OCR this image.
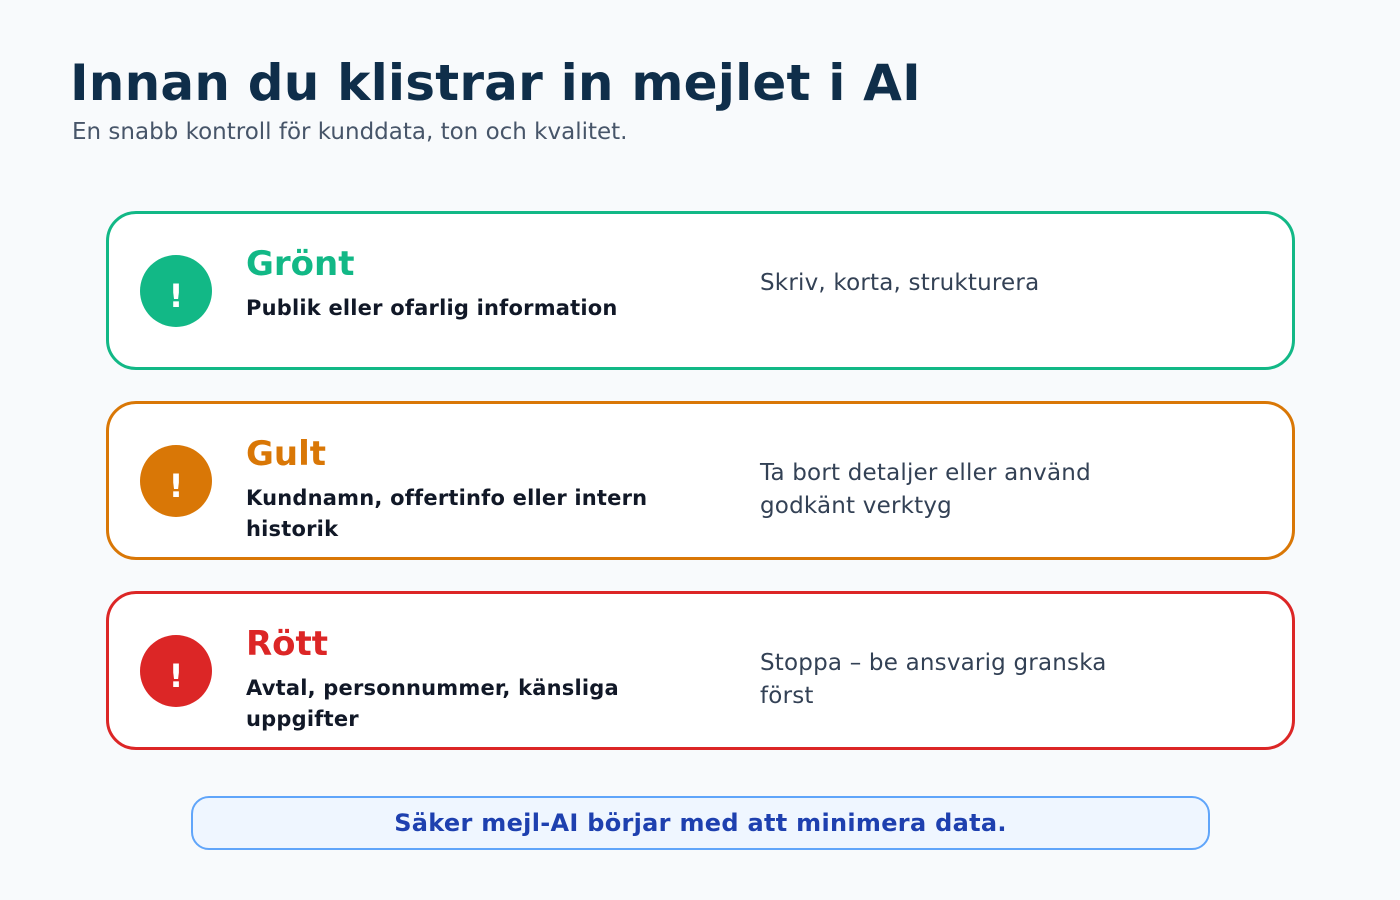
Innan du klistrar in mejlet i AI
En snabb kontroll för kunddata, ton och kvalitet.
!
Grönt
Publik eller ofarlig information
Skriv, korta, strukturera
!
Gult
Kundnamn, offertinfo eller intern historik
Ta bort detaljer eller använd godkänt verktyg
!
Rött
Avtal, personnummer, känsliga uppgifter
Stoppa – be ansvarig granska först
Säker mejl-AI börjar med att minimera data.
